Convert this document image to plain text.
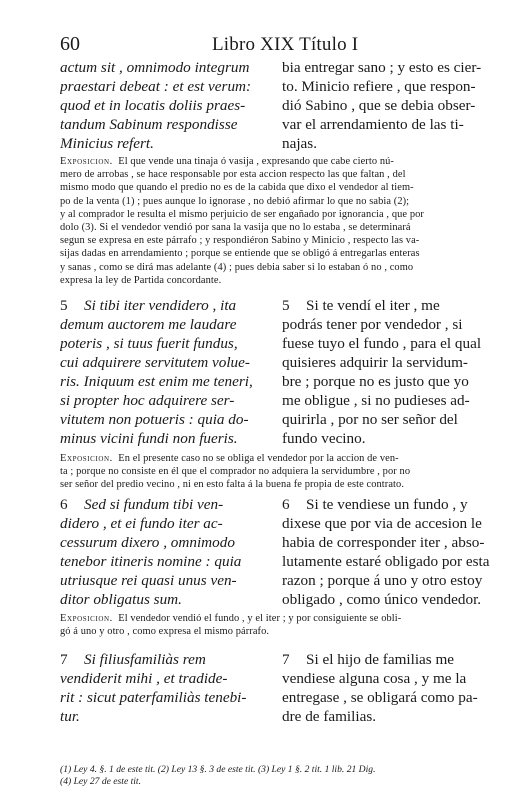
60	Libro XIX Título I
actum sit , omnimodo integrum
praestari debeat : et est verum:
quod et in locatis doliis praes-
tandum Sabinum respondisse
Minicius refert.
bia entregar sano ; y esto es cier-
to. Minicio refiere , que respon-
dió Sabino , que se debia obser-
var el arrendamiento de las ti-
najas.
Exposicion. El que vende una tinaja ó vasija , expresando que cabe cierto nú-
mero de arrobas , se hace responsable por esta accion respecto las que faltan , del
mismo modo que quando el predio no es de la cabida que dixo el vendedor al tiem-
po de la venta (1) ; pues aunque lo ignorase , no debió afirmar lo que no sabia (2);
y al comprador le resulta el mismo perjuicio de ser engañado por ignorancia , que por
dolo (3). Si el vendedor vendió por sana la vasija que no lo estaba , se determinará
segun se expresa en este párrafo ; y respondiéron Sabino y Minicio , respecto las va-
sijas dadas en arrendamiento ; porque se entiende que se obligó á entregarlas enteras
y sanas , como se dirá mas adelante (4) ; pues debia saber si lo estaban ó no , como
expresa la ley de Partida concordante.
5 Si tibi iter vendidero , ita
demum auctorem me laudare
poteris , si tuus fuerit fundus,
cui adquirere servitutem volue-
ris. Iniquum est enim me teneri,
si propter hoc adquirere ser-
vitutem non potueris : quia do-
minus vicini fundi non fueris.
5 Si te vendí el iter , me
podrás tener por vendedor , si
fuese tuyo el fundo , para el qual
quisieres adquirir la servidum-
bre ; porque no es justo que yo
me obligue , si no pudieses ad-
quirirla , por no ser señor del
fundo vecino.
Exposicion. En el presente caso no se obliga el vendedor por la accion de ven-
ta ; porque no consiste en él que el comprador no adquiera la servidumbre , por no
ser señor del predio vecino , ni en esto falta á la buena fe propia de este contrato.
6 Sed si fundum tibi ven-
didero , et ei fundo iter ac-
cessurum dixero , omnimodo
tenebor itineris nomine : quia
utriusque rei quasi unus ven-
ditor obligatus sum.
6 Si te vendiese un fundo , y
dixese que por via de accesion le
habia de corresponder iter , abso-
lutamente estaré obligado por esta
razon ; porque á uno y otro estoy
obligado , como único vendedor.
Exposicion. El vendedor vendió el fundo , y el iter ; y por consiguiente se obli-
gó á uno y otro , como expresa el mismo párrafo.
7 Si filiusfamiliàs rem
vendiderit mihi , et tradide-
rit : sicut paterfamiliàs tenebi-
tur.
7 Si el hijo de familias me
vendiese alguna cosa , y me la
entregase , se obligará como pa-
dre de familias.
(1) Ley 4. §. 1 de este tit. (2) Ley 13 §. 3 de este tit. (3) Ley 1 §. 2 tit. 1 lib. 21 Dig.
(4) Ley 27 de este tit.
